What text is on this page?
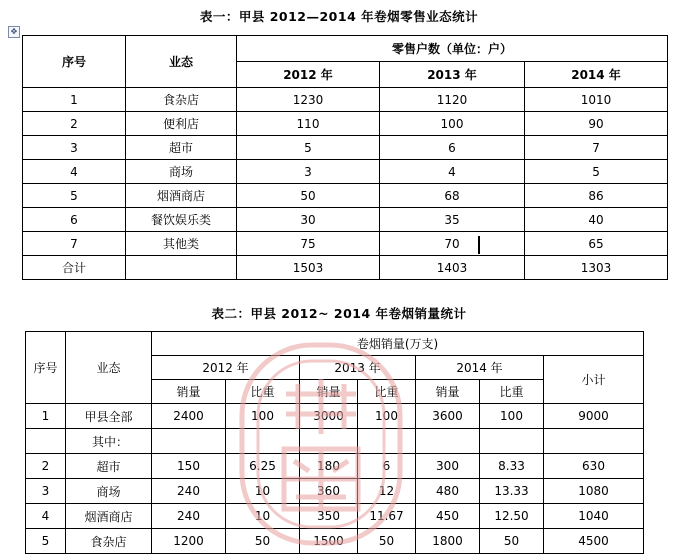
表一：甲县 2012—2014 年卷烟零售业态统计
✥
序号	业态	零售户数（单位：户）		
		2012 年	2013 年	2014 年
1	食杂店	1230	1120	1010
2	便利店	110	100	90
3	超市	5	6	7
4	商场	3	4	5
5	烟酒商店	50	68	86
6	餐饮娱乐类	30	35	40
7	其他类	75	70	65
合计		1503	1403	1303
表二：甲县 2012~ 2014 年卷烟销量统计
序号	业态	卷烟销量(万支)						
		2012 年		2013 年		2014 年		小计
		销量	比重	销量	比重	销量	比重	
1	甲县全部	2400	100	3000	100	3600	100	9000
	其中：							
2	超市	150	6.25	180	6	300	8.33	630
3	商场	240	10	360	12	480	13.33	1080
4	烟酒商店	240	10	350	11.67	450	12.50	1040
5	食杂店	1200	50	1500	50	1800	50	4500
